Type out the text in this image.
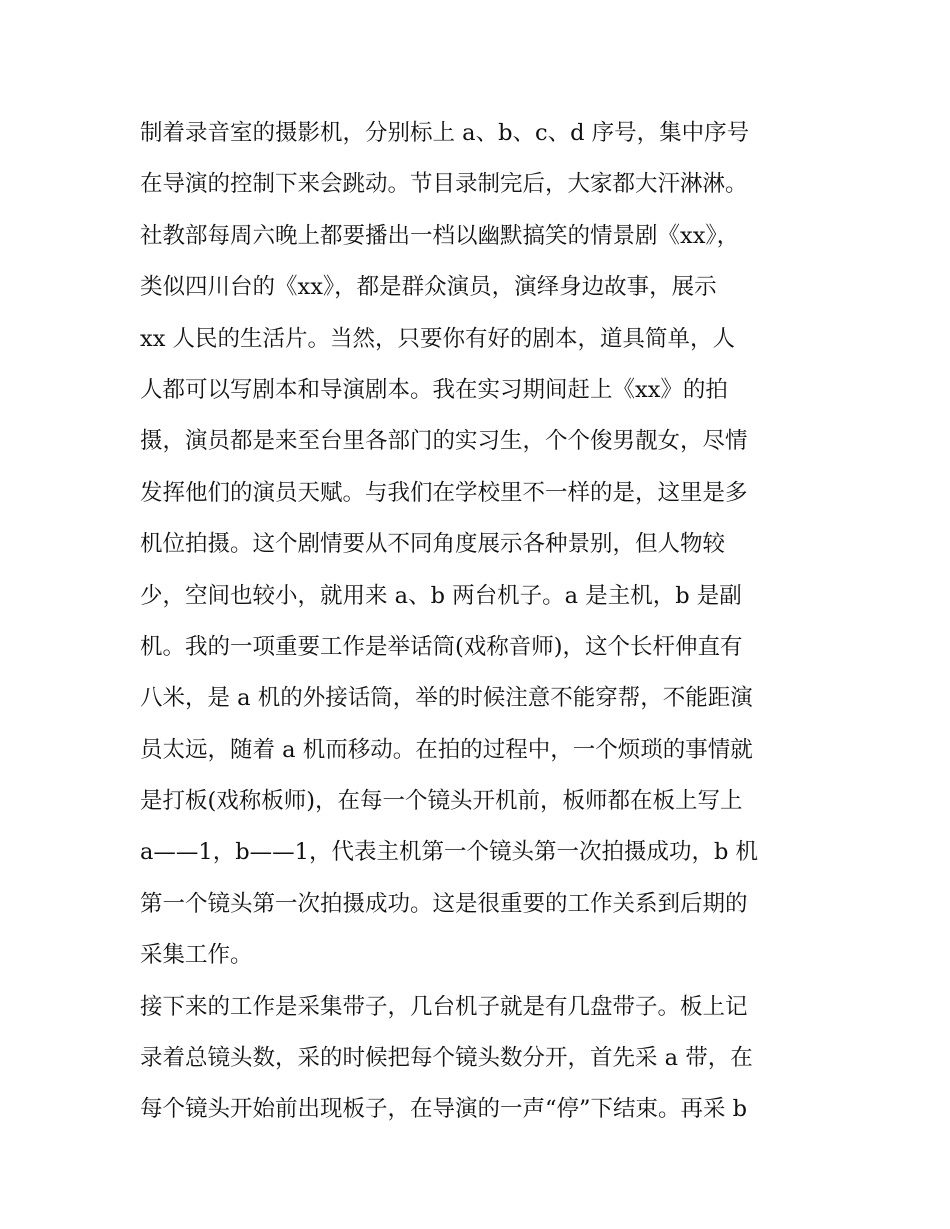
制着录音室的摄影机，分别标上 a、b、c、d 序号，集中序号
在导演的控制下来会跳动。节目录制完后，大家都大汗淋淋。
社教部每周六晚上都要播出一档以幽默搞笑的情景剧《xx》，
类似四川台的《xx》，都是群众演员，演绎身边故事，展示
xx 人民的生活片。当然，只要你有好的剧本，道具简单，人
人都可以写剧本和导演剧本。我在实习期间赶上《xx》的拍
摄，演员都是来至台里各部门的实习生，个个俊男靓女，尽情
发挥他们的演员天赋。与我们在学校里不一样的是，这里是多
机位拍摄。这个剧情要从不同角度展示各种景别，但人物较
少，空间也较小，就用来 a、b 两台机子。a 是主机，b 是副
机。我的一项重要工作是举话筒(戏称音师)，这个长杆伸直有
八米，是 a 机的外接话筒，举的时候注意不能穿帮，不能距演
员太远，随着 a 机而移动。在拍的过程中，一个烦琐的事情就
是打板(戏称板师)，在每一个镜头开机前，板师都在板上写上
a——1，b——1，代表主机第一个镜头第一次拍摄成功，b 机
第一个镜头第一次拍摄成功。这是很重要的工作关系到后期的
采集工作。
接下来的工作是采集带子，几台机子就是有几盘带子。板上记
录着总镜头数，采的时候把每个镜头数分开，首先采 a 带，在
每个镜头开始前出现板子，在导演的一声“停”下结束。再采 b
